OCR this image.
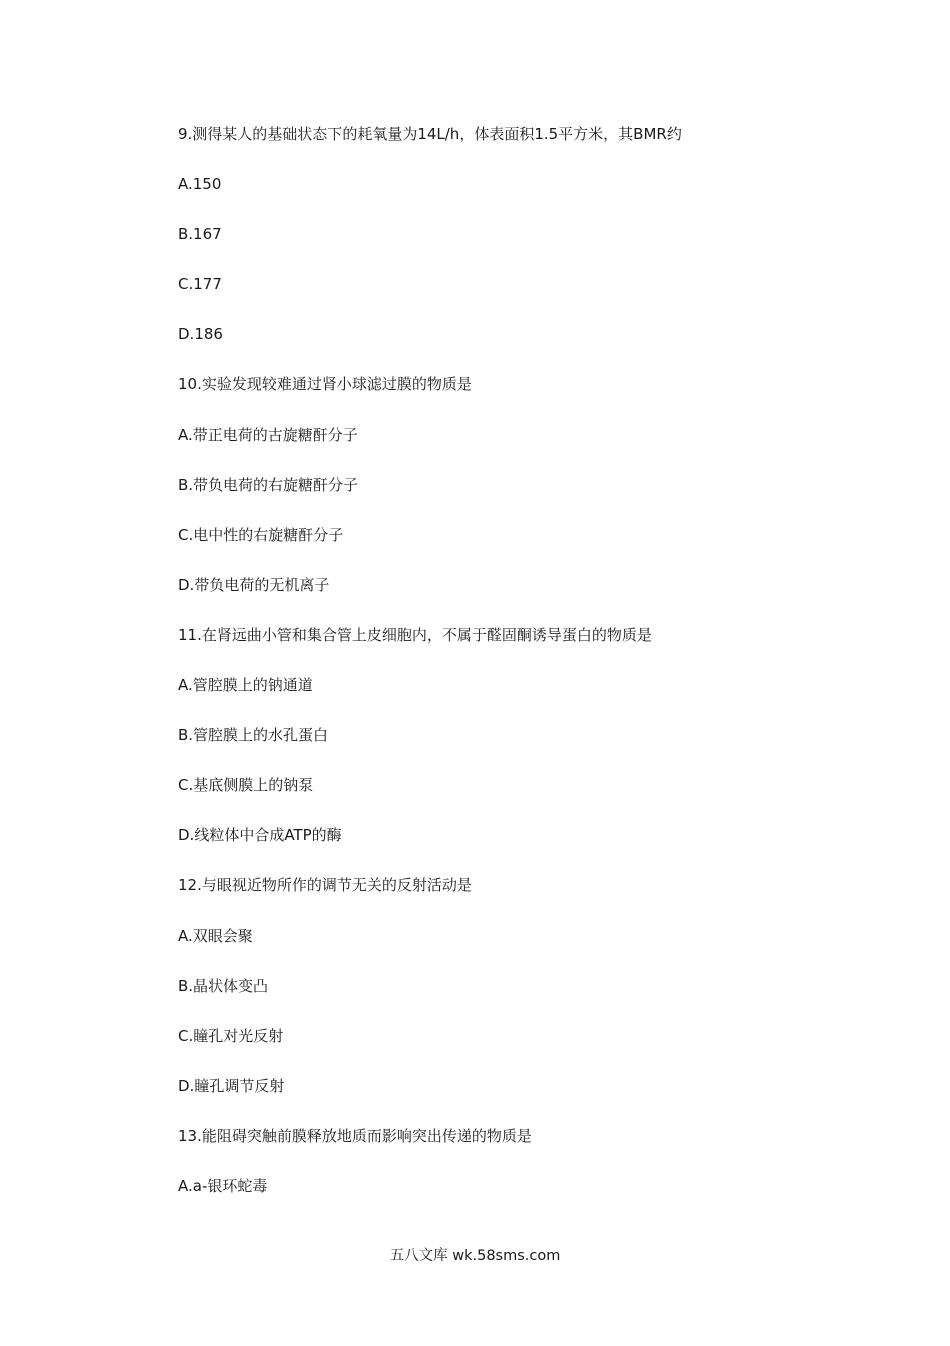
9.测得某人的基础状态下的耗氧量为14L/h，体表面积1.5平方米，其BMR约
A.150
B.167
C.177
D.186
10.实验发现较难通过肾小球滤过膜的物质是
A.带正电荷的古旋糖酐分子
B.带负电荷的右旋糖酐分子
C.电中性的右旋糖酐分子
D.带负电荷的无机离子
11.在肾远曲小管和集合管上皮细胞内，不属于醛固酮诱导蛋白的物质是
A.管腔膜上的钠通道
B.管腔膜上的水孔蛋白
C.基底侧膜上的钠泵
D.线粒体中合成ATP的酶
12.与眼视近物所作的调节无关的反射活动是
A.双眼会聚
B.晶状体变凸
C.瞳孔对光反射
D.瞳孔调节反射
13.能阻碍突触前膜释放地质而影响突出传递的物质是
A.a-银环蛇毒
五八文库 wk.58sms.com
